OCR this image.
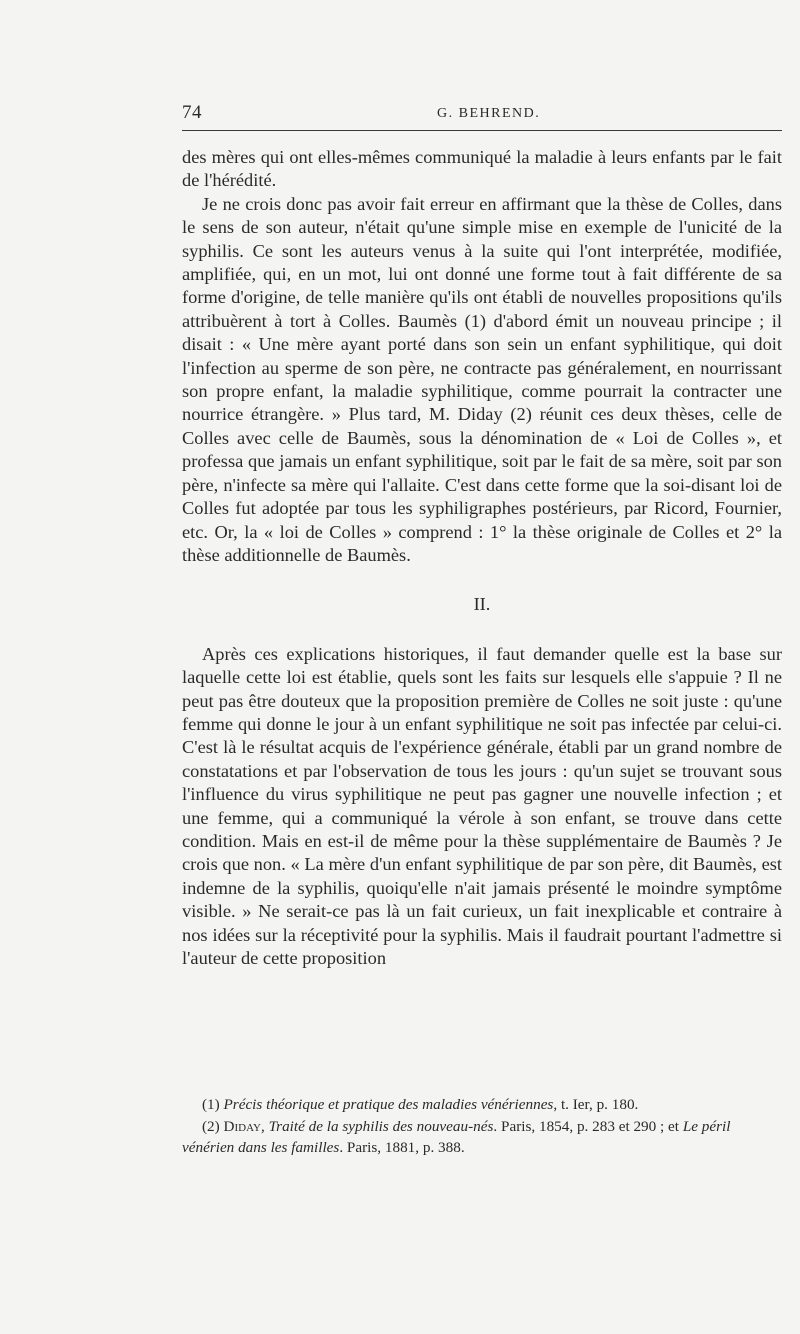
74	G. BEHREND.

des mères qui ont elles-mêmes communiqué la maladie à leurs enfants par le fait de l'hérédité.

Je ne crois donc pas avoir fait erreur en affirmant que la thèse de Colles, dans le sens de son auteur, n'était qu'une simple mise en exemple de l'unicité de la syphilis. Ce sont les auteurs venus à la suite qui l'ont interprétée, modifiée, amplifiée, qui, en un mot, lui ont donné une forme tout à fait différente de sa forme d'origine, de telle manière qu'ils ont établi de nouvelles propositions qu'ils attribuèrent à tort à Colles. Baumès (1) d'abord émit un nouveau principe ; il disait : « Une mère ayant porté dans son sein un enfant syphilitique, qui doit l'infection au sperme de son père, ne contracte pas généralement, en nourrissant son propre enfant, la maladie syphilitique, comme pourrait la contracter une nourrice étrangère. » Plus tard, M. Diday (2) réunit ces deux thèses, celle de Colles avec celle de Baumès, sous la dénomination de « Loi de Colles », et professa que jamais un enfant syphilitique, soit par le fait de sa mère, soit par son père, n'infecte sa mère qui l'allaite. C'est dans cette forme que la soi-disant loi de Colles fut adoptée par tous les syphiligraphes postérieurs, par Ricord, Fournier, etc. Or, la « loi de Colles » comprend : 1° la thèse originale de Colles et 2° la thèse additionnelle de Baumès.

II.

Après ces explications historiques, il faut demander quelle est la base sur laquelle cette loi est établie, quels sont les faits sur lesquels elle s'appuie ? Il ne peut pas être douteux que la proposition première de Colles ne soit juste : qu'une femme qui donne le jour à un enfant syphilitique ne soit pas infectée par celui-ci. C'est là le résultat acquis de l'expérience générale, établi par un grand nombre de constatations et par l'observation de tous les jours : qu'un sujet se trouvant sous l'influence du virus syphilitique ne peut pas gagner une nouvelle infection ; et une femme, qui a communiqué la vérole à son enfant, se trouve dans cette condition. Mais en est-il de même pour la thèse supplémentaire de Baumès ? Je crois que non. « La mère d'un enfant syphilitique de par son père, dit Baumès, est indemne de la syphilis, quoiqu'elle n'ait jamais présenté le moindre symptôme visible. » Ne serait-ce pas là un fait curieux, un fait inexplicable et contraire à nos idées sur la réceptivité pour la syphilis. Mais il faudrait pourtant l'admettre si l'auteur de cette proposition

(1) Précis théorique et pratique des maladies vénériennes, t. Ier, p. 180.

(2) Diday, Traité de la syphilis des nouveau-nés. Paris, 1854, p. 283 et 290 ; et Le péril vénérien dans les familles. Paris, 1881, p. 388.
